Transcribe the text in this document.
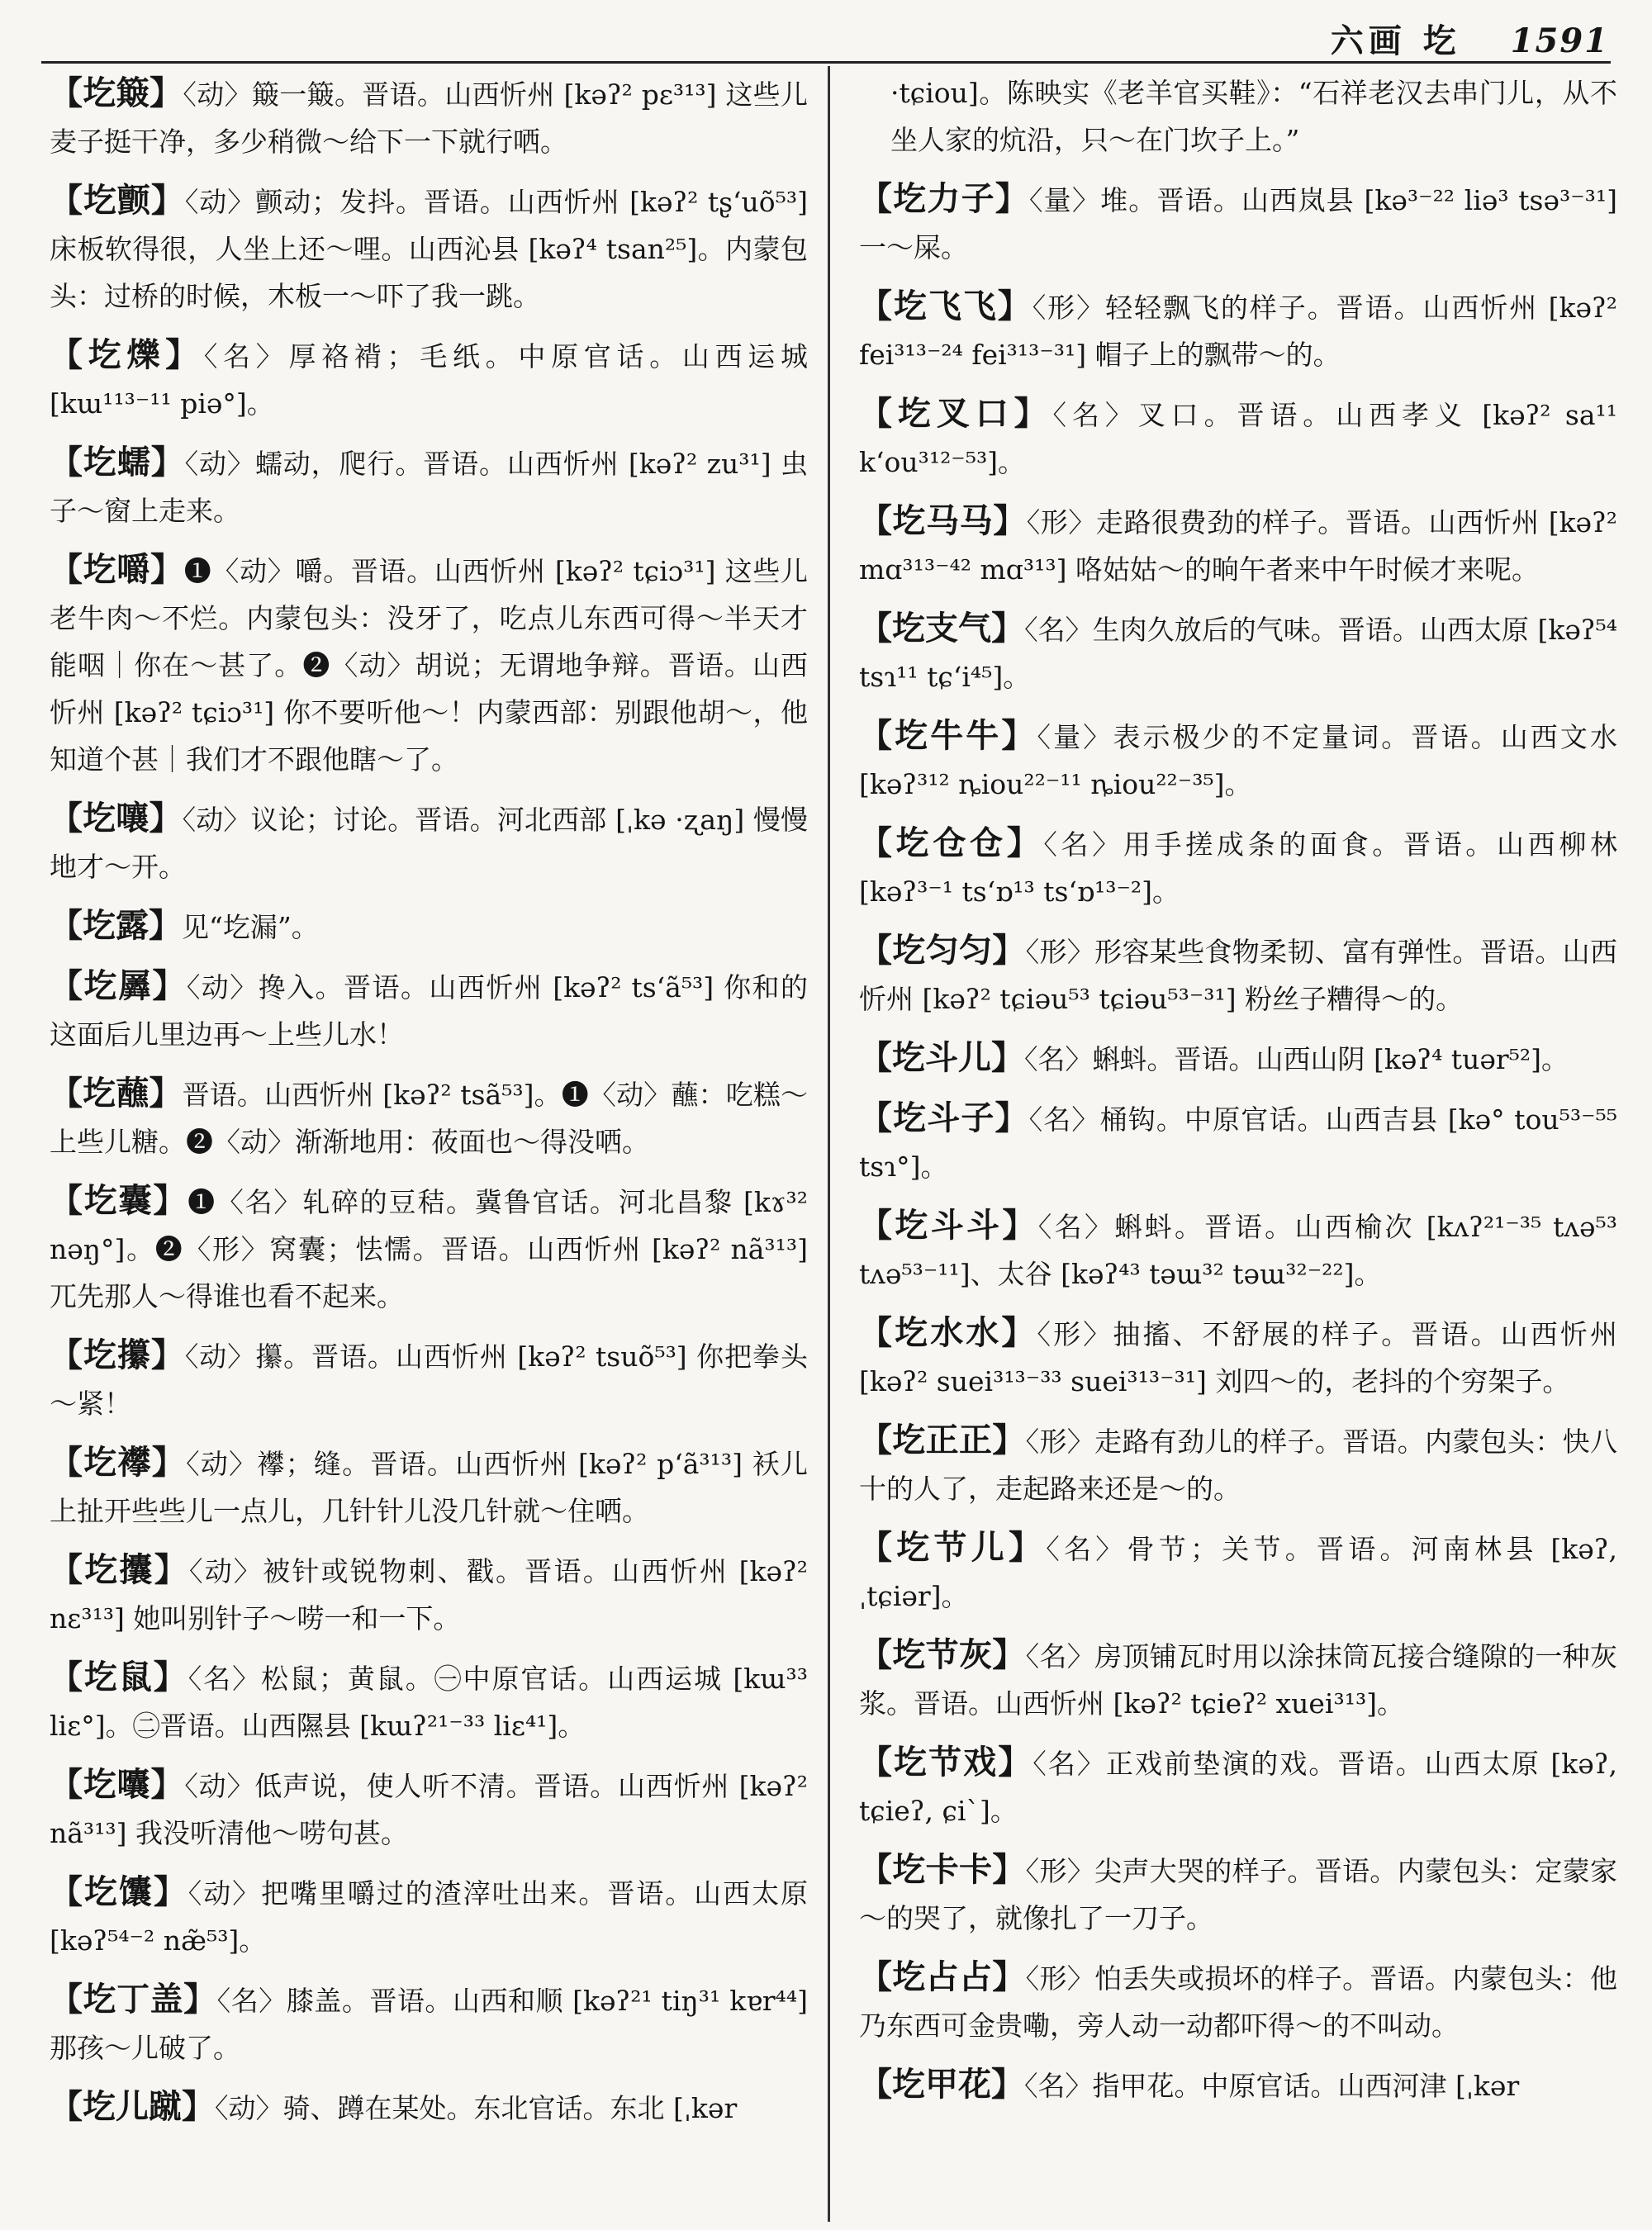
六画 圪 1591

【圪簸】〈动〉簸一簸。晋语。山西忻州 [kəʔ² pɛ³¹³] 这些儿麦子挺干净，多少稍微～给下一下就行哂。

【圪颤】〈动〉颤动；发抖。晋语。山西忻州 [kəʔ² tʂʻuõ⁵³] 床板软得很，人坐上还～哩。山西沁县 [kəʔ⁴ tsan²⁵]。内蒙包头：过桥的时候，木板一～吓了我一跳。

【圪爍】〈名〉厚袼褙；毛纸。中原官话。山西运城 [kɯ¹¹³⁻¹¹ piə°]。

【圪蠕】〈动〉蠕动，爬行。晋语。山西忻州 [kəʔ² zu³¹] 虫子～窗上走来。

【圪嚼】❶〈动〉嚼。晋语。山西忻州 [kəʔ² tɕiɔ³¹] 这些儿老牛肉～不烂。内蒙包头：没牙了，吃点儿东西可得～半天才能咽｜你在～甚了。❷〈动〉胡说；无谓地争辩。晋语。山西忻州 [kəʔ² tɕiɔ³¹] 你不要听他～！内蒙西部：别跟他胡～，他知道个甚｜我们才不跟他瞎～了。

【圪嚷】〈动〉议论；讨论。晋语。河北西部 [ˌkə ·ʐaŋ] 慢慢地才～开。

【圪露】见“圪漏”。

【圪羼】〈动〉搀入。晋语。山西忻州 [kəʔ² tsʻã⁵³] 你和的这面后儿里边再～上些儿水！

【圪蘸】晋语。山西忻州 [kəʔ² tsã⁵³]。❶〈动〉蘸：吃糕～上些儿糖。❷〈动〉渐渐地用：莜面也～得没哂。

【圪囊】❶〈名〉轧碎的豆秸。冀鲁官话。河北昌黎 [kɤ³² nəŋ°]。❷〈形〉窝囊；怯懦。晋语。山西忻州 [kəʔ² nã³¹³] 兀先那人～得谁也看不起来。

【圪攥】〈动〉攥。晋语。山西忻州 [kəʔ² tsuõ⁵³] 你把拳头～紧！

【圪襻】〈动〉襻；缝。晋语。山西忻州 [kəʔ² pʻã³¹³] 袄儿上扯开些些儿一点儿，几针针儿没几针就～住哂。

【圪攮】〈动〉被针或锐物刺、戳。晋语。山西忻州 [kəʔ² nɛ³¹³] 她叫别针子～唠一和一下。

【圪鼠】〈名〉松鼠；黄鼠。㊀中原官话。山西运城 [kɯ³³ liɛ°]。㊁晋语。山西隰县 [kɯʔ²¹⁻³³ liɛ⁴¹]。

【圪囔】〈动〉低声说，使人听不清。晋语。山西忻州 [kəʔ² nã³¹³] 我没听清他～唠句甚。

【圪馕】〈动〉把嘴里嚼过的渣滓吐出来。晋语。山西太原 [kəʔ⁵⁴⁻² næ̃⁵³]。

【圪丁盖】〈名〉膝盖。晋语。山西和顺 [kəʔ²¹ tiŋ³¹ kɐr⁴⁴] 那孩～儿破了。

【圪儿蹴】〈动〉骑、蹲在某处。东北官话。东北 [ˌkər

·tɕiou]。陈映实《老羊官买鞋》：“石祥老汉去串门儿，从不坐人家的炕沿，只～在门坎子上。”

【圪力子】〈量〉堆。晋语。山西岚县 [kə³⁻²² liə³ tsə³⁻³¹] 一～屎。

【圪飞飞】〈形〉轻轻飘飞的样子。晋语。山西忻州 [kəʔ² fei³¹³⁻²⁴ fei³¹³⁻³¹] 帽子上的飘带～的。

【圪叉口】〈名〉叉口。晋语。山西孝义 [kəʔ² sa¹¹ kʻou³¹²⁻⁵³]。

【圪马马】〈形〉走路很费劲的样子。晋语。山西忻州 [kəʔ² mɑ³¹³⁻⁴² mɑ³¹³] 咯姑姑～的晌午者来中午时候才来呢。

【圪支气】〈名〉生肉久放后的气味。晋语。山西太原 [kəʔ⁵⁴ tsɿ¹¹ tɕʻi⁴⁵]。

【圪牛牛】〈量〉表示极少的不定量词。晋语。山西文水 [kəʔ³¹² ȵiou²²⁻¹¹ ȵiou²²⁻³⁵]。

【圪仓仓】〈名〉用手搓成条的面食。晋语。山西柳林 [kəʔ³⁻¹ tsʻɒ¹³ tsʻɒ¹³⁻²]。

【圪匀匀】〈形〉形容某些食物柔韧、富有弹性。晋语。山西忻州 [kəʔ² tɕiəu⁵³ tɕiəu⁵³⁻³¹] 粉丝子糟得～的。

【圪斗儿】〈名〉蝌蚪。晋语。山西山阴 [kəʔ⁴ tuər⁵²]。

【圪斗子】〈名〉桶钩。中原官话。山西吉县 [kə° tou⁵³⁻⁵⁵ tsɿ°]。

【圪斗斗】〈名〉蝌蚪。晋语。山西榆次 [kʌʔ²¹⁻³⁵ tʌə⁵³ tʌə⁵³⁻¹¹]、太谷 [kəʔ⁴³ təɯ³² təɯ³²⁻²²]。

【圪水水】〈形〉抽搐、不舒展的样子。晋语。山西忻州 [kəʔ² suei³¹³⁻³³ suei³¹³⁻³¹] 刘四～的，老抖的个穷架子。

【圪正正】〈形〉走路有劲儿的样子。晋语。内蒙包头：快八十的人了，走起路来还是～的。

【圪节儿】〈名〉骨节；关节。晋语。河南林县 [kəʔ, ˌtɕiər]。

【圪节灰】〈名〉房顶铺瓦时用以涂抹筒瓦接合缝隙的一种灰浆。晋语。山西忻州 [kəʔ² tɕieʔ² xuei³¹³]。

【圪节戏】〈名〉正戏前垫演的戏。晋语。山西太原 [kəʔ, tɕieʔ, ɕi`]。

【圪卡卡】〈形〉尖声大哭的样子。晋语。内蒙包头：定蒙家～的哭了，就像扎了一刀子。

【圪占占】〈形〉怕丢失或损坏的样子。晋语。内蒙包头：他乃东西可金贵嘞，旁人动一动都吓得～的不叫动。

【圪甲花】〈名〉指甲花。中原官话。山西河津 [ˌkər
